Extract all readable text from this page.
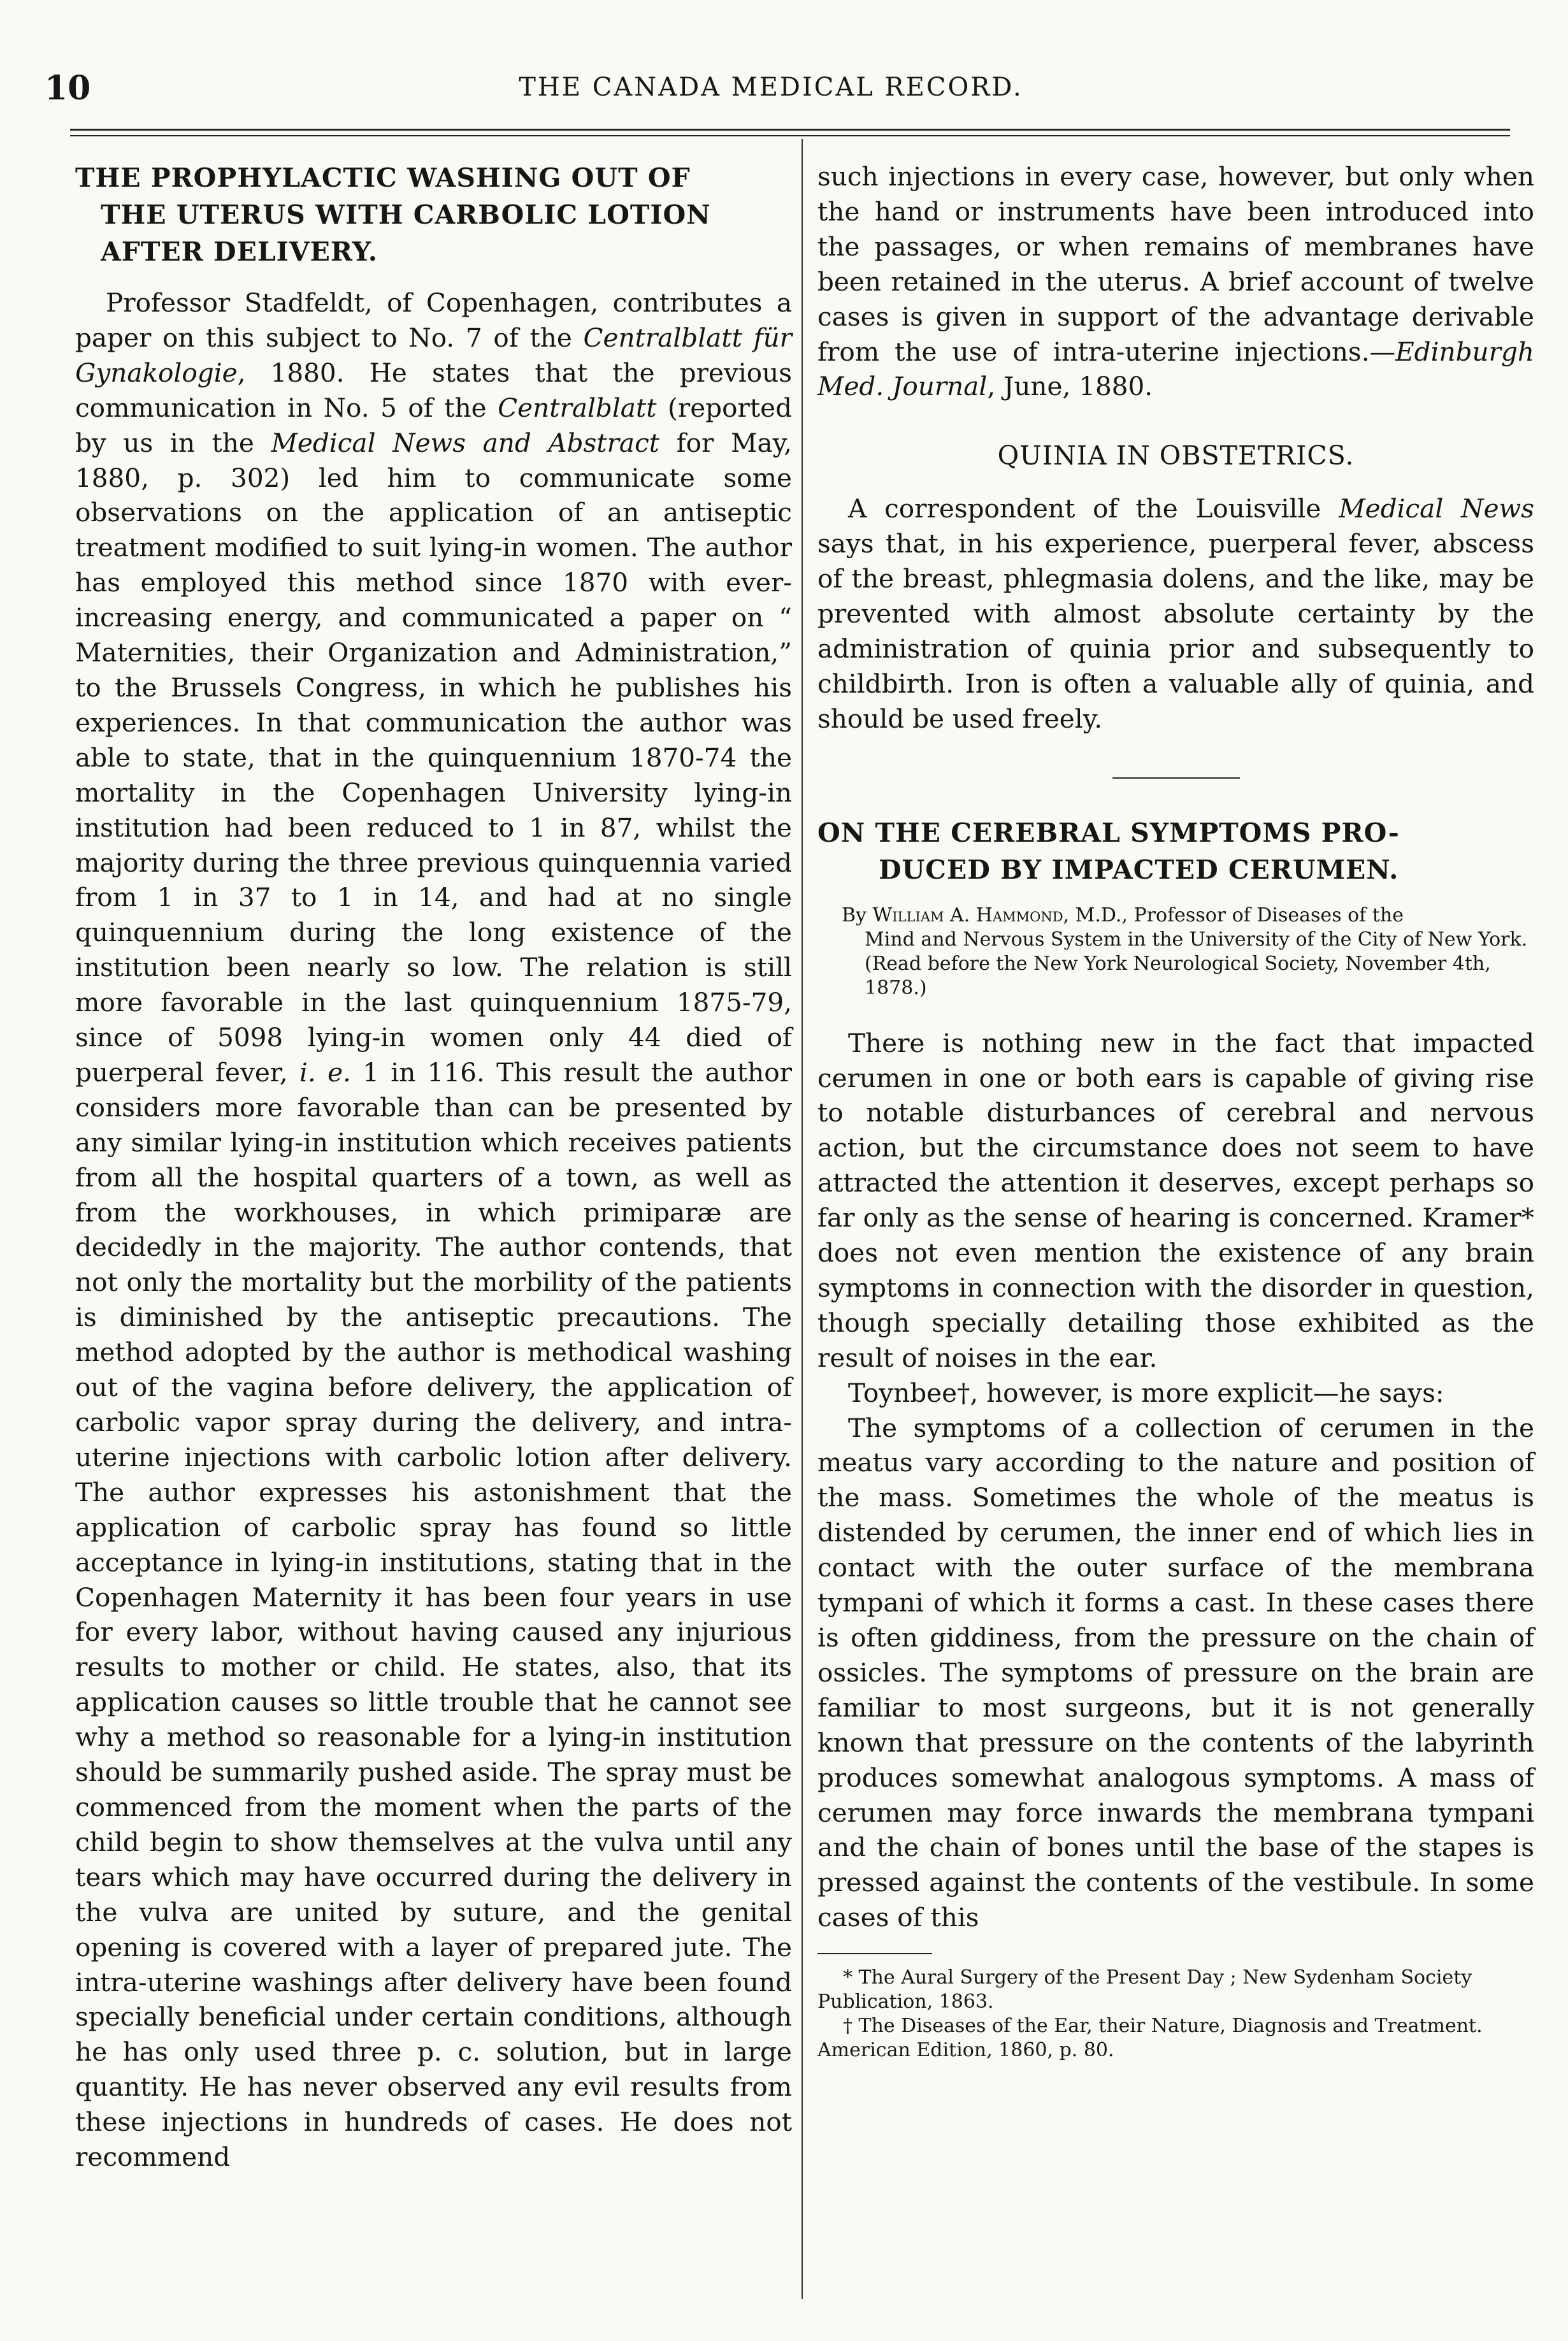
10	THE CANADA MEDICAL RECORD.
THE PROPHYLACTIC WASHING OUT OF
THE UTERUS WITH CARBOLIC LOTION
AFTER DELIVERY.

Professor Stadfeldt, of Copenhagen, contributes a paper on this subject to No. 7 of the Centralblatt für Gynakologie, 1880. He states that the previous communication in No. 5 of the Centralblatt (reported by us in the Medical News and Abstract for May, 1880, p. 302) led him to communicate some observations on the application of an antiseptic treatment modified to suit lying-in women. The author has employed this method since 1870 with ever-increasing energy, and communicated a paper on “ Maternities, their Organization and Administration,” to the Brussels Congress, in which he publishes his experiences. In that communication the author was able to state, that in the quinquennium 1870-74 the mortality in the Copenhagen University lying-in institution had been reduced to 1 in 87, whilst the majority during the three previous quinquennia varied from 1 in 37 to 1 in 14, and had at no single quinquennium during the long existence of the institution been nearly so low. The relation is still more favorable in the last quinquennium 1875-79, since of 5098 lying-in women only 44 died of puerperal fever, i. e. 1 in 116. This result the author considers more favorable than can be presented by any similar lying-in institution which receives patients from all the hospital quarters of a town, as well as from the workhouses, in which primiparæ are decidedly in the majority. The author contends, that not only the mortality but the morbility of the patients is diminished by the antiseptic precautions. The method adopted by the author is methodical washing out of the vagina before delivery, the application of carbolic vapor spray during the delivery, and intra-uterine injections with carbolic lotion after delivery. The author expresses his astonishment that the application of carbolic spray has found so little acceptance in lying-in institutions, stating that in the Copenhagen Maternity it has been four years in use for every labor, without having caused any injurious results to mother or child. He states, also, that its application causes so little trouble that he cannot see why a method so reasonable for a lying-in institution should be summarily pushed aside. The spray must be commenced from the moment when the parts of the child begin to show themselves at the vulva until any tears which may have occurred during the delivery in the vulva are united by suture, and the genital opening is covered with a layer of prepared jute. The intra-uterine washings after delivery have been found specially beneficial under certain conditions, although he has only used three p. c. solution, but in large quantity. He has never observed any evil results from these injections in hundreds of cases. He does not recommend

such injections in every case, however, but only when the hand or instruments have been introduced into the passages, or when remains of membranes have been retained in the uterus. A brief account of twelve cases is given in support of the advantage derivable from the use of intra-uterine injections.—Edinburgh Med. Journal, June, 1880.

QUINIA IN OBSTETRICS.

A correspondent of the Louisville Medical News says that, in his experience, puerperal fever, abscess of the breast, phlegmasia dolens, and the like, may be prevented with almost absolute certainty by the administration of quinia prior and subsequently to childbirth. Iron is often a valuable ally of quinia, and should be used freely.

ON THE CEREBRAL SYMPTOMS PRO-
DUCED BY IMPACTED CERUMEN.

By William A. Hammond, M.D., Professor of Diseases of the
Mind and Nervous System in the University of the City of New York. (Read before the New York Neurological Society, November 4th, 1878.)

There is nothing new in the fact that impacted cerumen in one or both ears is capable of giving rise to notable disturbances of cerebral and nervous action, but the circumstance does not seem to have attracted the attention it deserves, except perhaps so far only as the sense of hearing is concerned. Kramer* does not even mention the existence of any brain symptoms in connection with the disorder in question, though specially detailing those exhibited as the result of noises in the ear.

Toynbee†, however, is more explicit—he says:

The symptoms of a collection of cerumen in the meatus vary according to the nature and position of the mass. Sometimes the whole of the meatus is distended by cerumen, the inner end of which lies in contact with the outer surface of the membrana tympani of which it forms a cast. In these cases there is often giddiness, from the pressure on the chain of ossicles. The symptoms of pressure on the brain are familiar to most surgeons, but it is not generally known that pressure on the contents of the labyrinth produces somewhat analogous symptoms. A mass of cerumen may force inwards the membrana tympani and the chain of bones until the base of the stapes is pressed against the contents of the vestibule. In some cases of this

* The Aural Surgery of the Present Day ; New Sydenham Society Publication, 1863.

† The Diseases of the Ear, their Nature, Diagnosis and Treatment. American Edition, 1860, p. 80.
